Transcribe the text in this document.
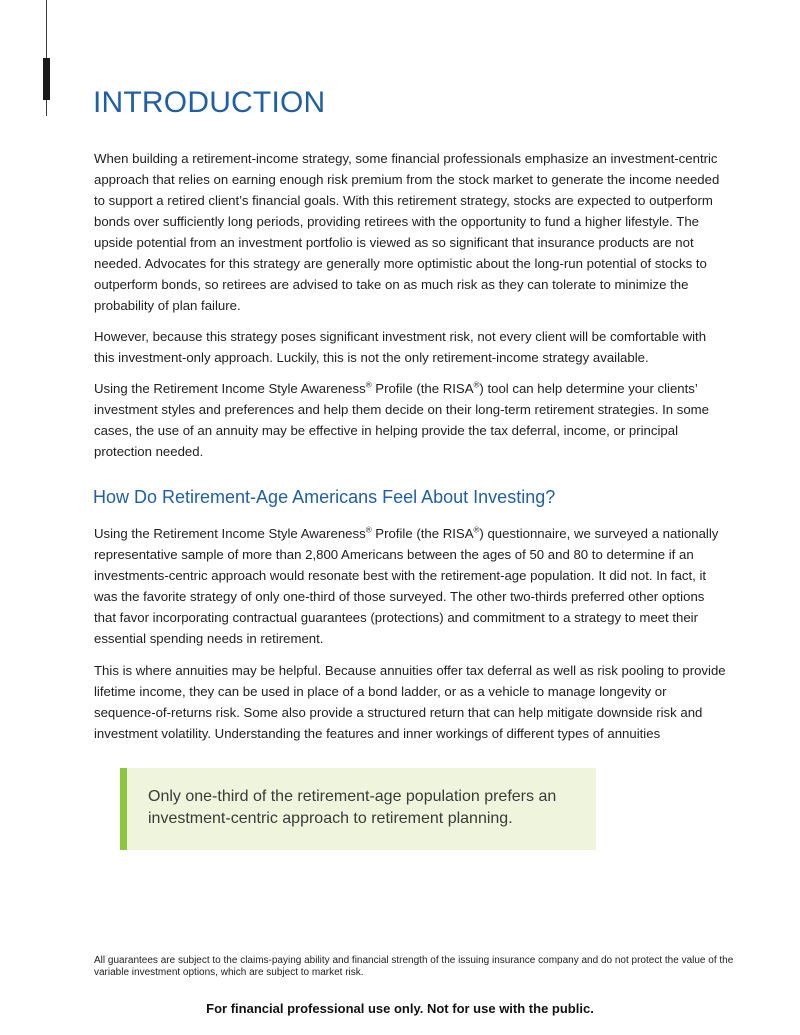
INTRODUCTION

When building a retirement-income strategy, some financial professionals emphasize an investment-centric approach that relies on earning enough risk premium from the stock market to generate the income needed to support a retired client’s financial goals. With this retirement strategy, stocks are expected to outperform bonds over sufficiently long periods, providing retirees with the opportunity to fund a higher lifestyle. The upside potential from an investment portfolio is viewed as so significant that insurance products are not needed. Advocates for this strategy are generally more optimistic about the long-run potential of stocks to outperform bonds, so retirees are advised to take on as much risk as they can tolerate to minimize the probability of plan failure.

However, because this strategy poses significant investment risk, not every client will be comfortable with this investment-only approach. Luckily, this is not the only retirement-income strategy available.

Using the Retirement Income Style Awareness® Profile (the RISA®) tool can help determine your clients’ investment styles and preferences and help them decide on their long-term retirement strategies. In some cases, the use of an annuity may be effective in helping provide the tax deferral, income, or principal protection needed.

How Do Retirement-Age Americans Feel About Investing?

Using the Retirement Income Style Awareness® Profile (the RISA®) questionnaire, we surveyed a nationally representative sample of more than 2,800 Americans between the ages of 50 and 80 to determine if an investments-centric approach would resonate best with the retirement-age population. It did not. In fact, it was the favorite strategy of only one-third of those surveyed. The other two-thirds preferred other options that favor incorporating contractual guarantees (protections) and commitment to a strategy to meet their essential spending needs in retirement.

This is where annuities may be helpful. Because annuities offer tax deferral as well as risk pooling to provide lifetime income, they can be used in place of a bond ladder, or as a vehicle to manage longevity or sequence-of-returns risk. Some also provide a structured return that can help mitigate downside risk and investment volatility. Understanding the features and inner workings of different types of annuities

Only one-third of the retirement-age population prefers an investment-centric approach to retirement planning.

All guarantees are subject to the claims-paying ability and financial strength of the issuing insurance company and do not protect the value of the variable investment options, which are subject to market risk.

For financial professional use only. Not for use with the public.
